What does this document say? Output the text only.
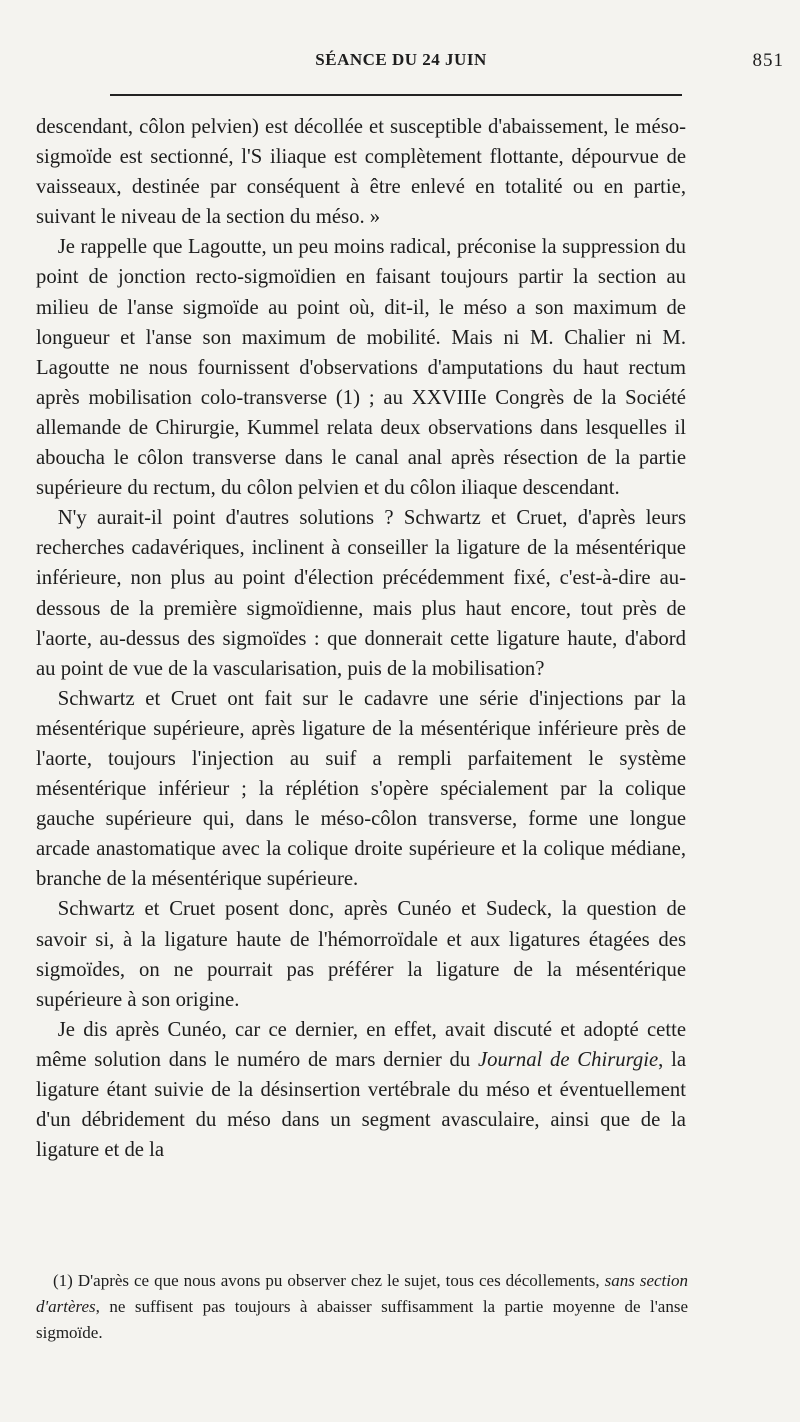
SÉANCE DU 24 JUIN	851

descendant, côlon pelvien) est décollée et susceptible d'abaissement, le méso-sigmoïde est sectionné, l'S iliaque est complètement flottante, dépourvue de vaisseaux, destinée par conséquent à être enlevé en totalité ou en partie, suivant le niveau de la section du méso. »

Je rappelle que Lagoutte, un peu moins radical, préconise la suppression du point de jonction recto-sigmoïdien en faisant toujours partir la section au milieu de l'anse sigmoïde au point où, dit-il, le méso a son maximum de longueur et l'anse son maximum de mobilité. Mais ni M. Chalier ni M. Lagoutte ne nous fournissent d'observations d'amputations du haut rectum après mobilisation colo-transverse (1) ; au XXVIIIe Congrès de la Société allemande de Chirurgie, Kummel relata deux observations dans lesquelles il aboucha le côlon transverse dans le canal anal après résection de la partie supérieure du rectum, du côlon pelvien et du côlon iliaque descendant.

N'y aurait-il point d'autres solutions ? Schwartz et Cruet, d'après leurs recherches cadavériques, inclinent à conseiller la ligature de la mésentérique inférieure, non plus au point d'élection précédemment fixé, c'est-à-dire au-dessous de la première sigmoïdienne, mais plus haut encore, tout près de l'aorte, au-dessus des sigmoïdes : que donnerait cette ligature haute, d'abord au point de vue de la vascularisation, puis de la mobilisation?

Schwartz et Cruet ont fait sur le cadavre une série d'injections par la mésentérique supérieure, après ligature de la mésentérique inférieure près de l'aorte, toujours l'injection au suif a rempli parfaitement le système mésentérique inférieur ; la réplétion s'opère spécialement par la colique gauche supérieure qui, dans le méso-côlon transverse, forme une longue arcade anastomatique avec la colique droite supérieure et la colique médiane, branche de la mésentérique supérieure.

Schwartz et Cruet posent donc, après Cunéo et Sudeck, la question de savoir si, à la ligature haute de l'hémorroïdale et aux ligatures étagées des sigmoïdes, on ne pourrait pas préférer la ligature de la mésentérique supérieure à son origine.

Je dis après Cunéo, car ce dernier, en effet, avait discuté et adopté cette même solution dans le numéro de mars dernier du Journal de Chirurgie, la ligature étant suivie de la désinsertion vertébrale du méso et éventuellement d'un débridement du méso dans un segment avasculaire, ainsi que de la ligature et de la

(1) D'après ce que nous avons pu observer chez le sujet, tous ces décollements, sans section d'artères, ne suffisent pas toujours à abaisser suffisamment la partie moyenne de l'anse sigmoïde.
